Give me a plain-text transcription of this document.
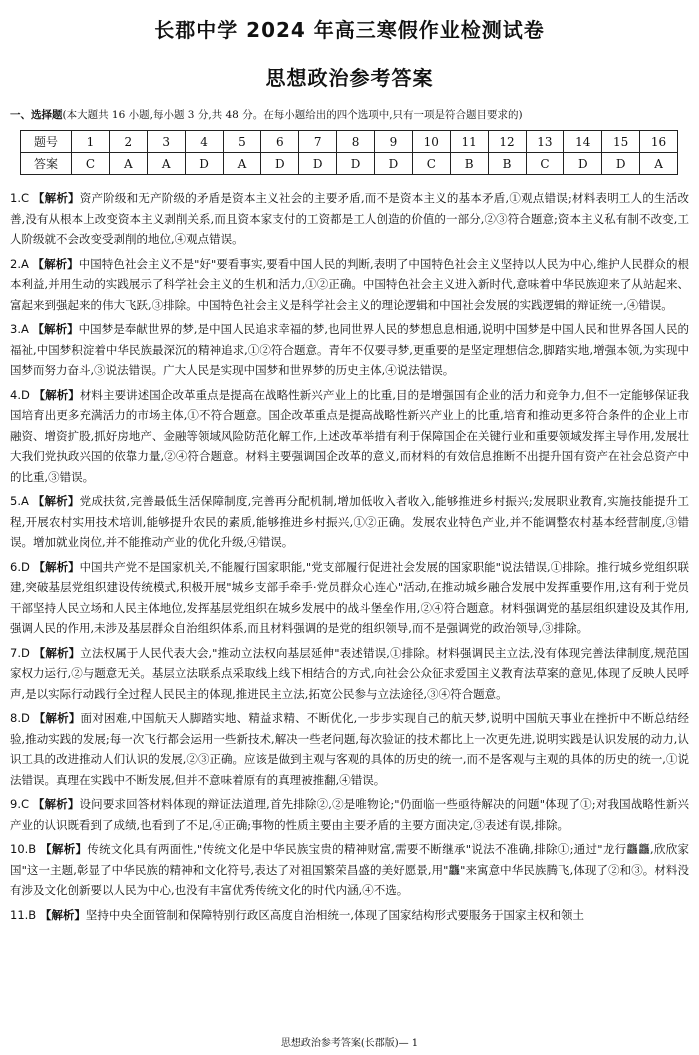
长郡中学 2024 年高三寒假作业检测试卷
思想政治参考答案
一、选择题(本大题共 16 小题,每小题 3 分,共 48 分。在每小题给出的四个选项中,只有一项是符合题目要求的)
题号	1	2	3	4	5	6	7	8	9	10	11	12	13	14	15	16
答案	C	A	A	D	A	D	D	D	D	C	B	B	C	D	D	A
1.C 【解析】资产阶级和无产阶级的矛盾是资本主义社会的主要矛盾,而不是资本主义的基本矛盾,①观点错误;材料表明工人的生活改善,没有从根本上改变资本主义剥削关系,而且资本家支付的工资都是工人创造的价值的一部分,②③符合题意;资本主义私有制不改变,工人阶级就不会改变受剥削的地位,④观点错误。
2.A 【解析】中国特色社会主义不是"好"要看事实,要看中国人民的判断,表明了中国特色社会主义坚持以人民为中心,维护人民群众的根本利益,并用生动的实践展示了科学社会主义的生机和活力,①②正确。中国特色社会主义进入新时代,意味着中华民族迎来了从站起来、富起来到强起来的伟大飞跃,③排除。中国特色社会主义是科学社会主义的理论逻辑和中国社会发展的实践逻辑的辩证统一,④错误。
3.A 【解析】中国梦是奉献世界的梦,是中国人民追求幸福的梦,也同世界人民的梦想息息相通,说明中国梦是中国人民和世界各国人民的福祉,中国梦积淀着中华民族最深沉的精神追求,①②符合题意。青年不仅要寻梦,更重要的是坚定理想信念,脚踏实地,增强本领,为实现中国梦而努力奋斗,③说法错误。广大人民是实现中国梦和世界梦的历史主体,④说法错误。
4.D 【解析】材料主要讲述国企改革重点是提高在战略性新兴产业上的比重,目的是增强国有企业的活力和竞争力,但不一定能够保证我国培育出更多充满活力的市场主体,①不符合题意。国企改革重点是提高战略性新兴产业上的比重,培育和推动更多符合条件的企业上市融资、增资扩股,抓好房地产、金融等领域风险防范化解工作,上述改革举措有利于保障国企在关键行业和重要领域发挥主导作用,发展壮大我们党执政兴国的依靠力量,②④符合题意。材料主要强调国企改革的意义,而材料的有效信息推断不出提升国有资产在社会总资产中的比重,③错误。
5.A 【解析】党成扶贫,完善最低生活保障制度,完善再分配机制,增加低收入者收入,能够推进乡村振兴;发展职业教育,实施技能提升工程,开展农村实用技术培训,能够提升农民的素质,能够推进乡村振兴,①②正确。发展农业特色产业,并不能调整农村基本经营制度,③错误。增加就业岗位,并不能推动产业的优化升级,④错误。
6.D 【解析】中国共产党不是国家机关,不能履行国家职能,"党支部履行促进社会发展的国家职能"说法错误,①排除。推行城乡党组织联建,突破基层党组织建设传统模式,积极开展"城乡支部手牵手·党员群众心连心"活动,在推动城乡融合发展中发挥重要作用,这有利于党员干部坚持人民立场和人民主体地位,发挥基层党组织在城乡发展中的战斗堡垒作用,②④符合题意。材料强调党的基层组织建设及其作用,强调人民的作用,未涉及基层群众自治组织体系,而且材料强调的是党的组织领导,而不是强调党的政治领导,③排除。
7.D 【解析】立法权属于人民代表大会,"推动立法权向基层延伸"表述错误,①排除。材料强调民主立法,没有体现完善法律制度,规范国家权力运行,②与题意无关。基层立法联系点采取线上线下相结合的方式,向社会公众征求爱国主义教育法草案的意见,体现了反映人民呼声,是以实际行动践行全过程人民民主的体现,推进民主立法,拓宽公民参与立法途径,③④符合题意。
8.D 【解析】面对困难,中国航天人脚踏实地、精益求精、不断优化,一步步实现自己的航天梦,说明中国航天事业在挫折中不断总结经验,推动实践的发展;每一次飞行都会运用一些新技术,解决一些老问题,每次验证的技术都比上一次更先进,说明实践是认识发展的动力,认识工具的改进推动人们认识的发展,②③正确。应该是做到主观与客观的具体的历史的统一,而不是客观与主观的具体的历史的统一,①说法错误。真理在实践中不断发展,但并不意味着原有的真理被推翻,④错误。
9.C 【解析】设问要求回答材料体现的辩证法道理,首先排除②,②是唯物论;"仍面临一些亟待解决的问题"体现了①;对我国战略性新兴产业的认识既看到了成绩,也看到了不足,④正确;事物的性质主要由主要矛盾的主要方面决定,③表述有误,排除。
10.B 【解析】传统文化具有两面性,"传统文化是中华民族宝贵的精神财富,需要不断继承"说法不准确,排除①;通过"龙行龘龘,欣欣家国"这一主题,彰显了中华民族的精神和文化符号,表达了对祖国繁荣昌盛的美好愿景,用"龘"来寓意中华民族腾飞,体现了②和③。材料没有涉及文化创新要以人民为中心,也没有丰富优秀传统文化的时代内涵,④不选。
11.B 【解析】坚持中央全面管制和保障特别行政区高度自治相统一,体现了国家结构形式要服务于国家主权和领土
思想政治参考答案(长郡版)— 1
